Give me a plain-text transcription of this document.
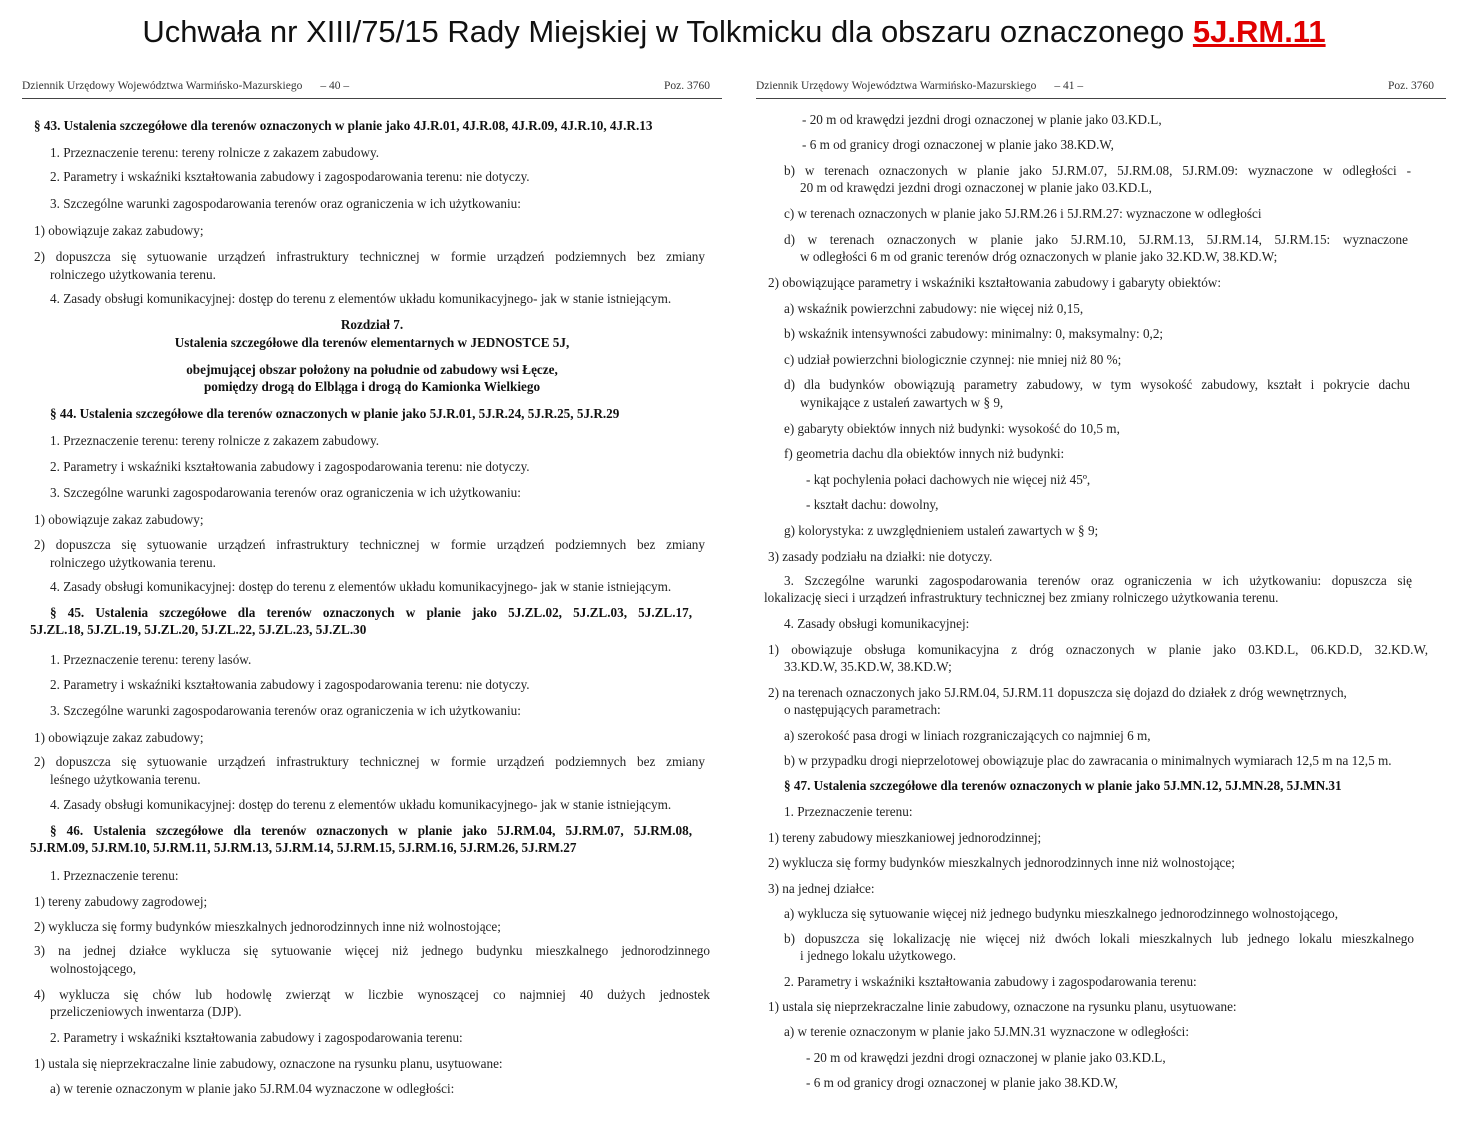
Uchwała nr XIII/75/15 Rady Miejskiej w Tolkmicku dla obszaru oznaczonego 5J.RM.11
Dziennik Urzędowy Województwa Warmińsko-Mazurskiego – 40 –	Poz. 3760
§ 43. Ustalenia szczegółowe dla terenów oznaczonych w planie jako 4J.R.01, 4J.R.08, 4J.R.09, 4J.R.10, 4J.R.13
1. Przeznaczenie terenu: tereny rolnicze z zakazem zabudowy.
2. Parametry i wskaźniki kształtowania zabudowy i zagospodarowania terenu: nie dotyczy.
3. Szczególne warunki zagospodarowania terenów oraz ograniczenia w ich użytkowaniu:
1) obowiązuje zakaz zabudowy;
2) dopuszcza się sytuowanie urządzeń infrastruktury technicznej w formie urządzeń podziemnych bez zmiany
rolniczego użytkowania terenu.
4. Zasady obsługi komunikacyjnej: dostęp do terenu z elementów układu komunikacyjnego- jak w stanie istniejącym.
Rozdział 7.
Ustalenia szczegółowe dla terenów elementarnych w JEDNOSTCE 5J,
obejmującej obszar położony na południe od zabudowy wsi Łęcze,
pomiędzy drogą do Elbląga i drogą do Kamionka Wielkiego
§ 44. Ustalenia szczegółowe dla terenów oznaczonych w planie jako 5J.R.01, 5J.R.24, 5J.R.25, 5J.R.29
1. Przeznaczenie terenu: tereny rolnicze z zakazem zabudowy.
2. Parametry i wskaźniki kształtowania zabudowy i zagospodarowania terenu: nie dotyczy.
3. Szczególne warunki zagospodarowania terenów oraz ograniczenia w ich użytkowaniu:
1) obowiązuje zakaz zabudowy;
2) dopuszcza się sytuowanie urządzeń infrastruktury technicznej w formie urządzeń podziemnych bez zmiany
rolniczego użytkowania terenu.
4. Zasady obsługi komunikacyjnej: dostęp do terenu z elementów układu komunikacyjnego- jak w stanie istniejącym.
§ 45. Ustalenia szczegółowe dla terenów oznaczonych w planie jako 5J.ZL.02, 5J.ZL.03, 5J.ZL.17,
5J.ZL.18, 5J.ZL.19, 5J.ZL.20, 5J.ZL.22, 5J.ZL.23, 5J.ZL.30
1. Przeznaczenie terenu: tereny lasów.
2. Parametry i wskaźniki kształtowania zabudowy i zagospodarowania terenu: nie dotyczy.
3. Szczególne warunki zagospodarowania terenów oraz ograniczenia w ich użytkowaniu:
1) obowiązuje zakaz zabudowy;
2) dopuszcza się sytuowanie urządzeń infrastruktury technicznej w formie urządzeń podziemnych bez zmiany
leśnego użytkowania terenu.
4. Zasady obsługi komunikacyjnej: dostęp do terenu z elementów układu komunikacyjnego- jak w stanie istniejącym.
§ 46. Ustalenia szczegółowe dla terenów oznaczonych w planie jako 5J.RM.04, 5J.RM.07, 5J.RM.08,
5J.RM.09, 5J.RM.10, 5J.RM.11, 5J.RM.13, 5J.RM.14, 5J.RM.15, 5J.RM.16, 5J.RM.26, 5J.RM.27
1. Przeznaczenie terenu:
1) tereny zabudowy zagrodowej;
2) wyklucza się formy budynków mieszkalnych jednorodzinnych inne niż wolnostojące;
3) na jednej działce wyklucza się sytuowanie więcej niż jednego budynku mieszkalnego jednorodzinnego
wolnostojącego,
4) wyklucza się chów lub hodowlę zwierząt w liczbie wynoszącej co najmniej 40 dużych jednostek
przeliczeniowych inwentarza (DJP).
2. Parametry i wskaźniki kształtowania zabudowy i zagospodarowania terenu:
1) ustala się nieprzekraczalne linie zabudowy, oznaczone na rysunku planu, usytuowane:
a) w terenie oznaczonym w planie jako 5J.RM.04 wyznaczone w odległości:
Dziennik Urzędowy Województwa Warmińsko-Mazurskiego – 41 –	Poz. 3760
- 20 m od krawędzi jezdni drogi oznaczonej w planie jako 03.KD.L,
- 6 m od granicy drogi oznaczonej w planie jako 38.KD.W,
b) w terenach oznaczonych w planie jako 5J.RM.07, 5J.RM.08, 5J.RM.09: wyznaczone w odległości -
20 m od krawędzi jezdni drogi oznaczonej w planie jako 03.KD.L,
c) w terenach oznaczonych w planie jako 5J.RM.26 i 5J.RM.27: wyznaczone w odległości
d) w terenach oznaczonych w planie jako 5J.RM.10, 5J.RM.13, 5J.RM.14, 5J.RM.15: wyznaczone
w odległości 6 m od granic terenów dróg oznaczonych w planie jako 32.KD.W, 38.KD.W;
2) obowiązujące parametry i wskaźniki kształtowania zabudowy i gabaryty obiektów:
a) wskaźnik powierzchni zabudowy: nie więcej niż 0,15,
b) wskaźnik intensywności zabudowy: minimalny: 0, maksymalny: 0,2;
c) udział powierzchni biologicznie czynnej: nie mniej niż 80 %;
d) dla budynków obowiązują parametry zabudowy, w tym wysokość zabudowy, kształt i pokrycie dachu
wynikające z ustaleń zawartych w § 9,
e) gabaryty obiektów innych niż budynki: wysokość do 10,5 m,
f) geometria dachu dla obiektów innych niż budynki:
- kąt pochylenia połaci dachowych nie więcej niż 45º,
- kształt dachu: dowolny,
g) kolorystyka: z uwzględnieniem ustaleń zawartych w § 9;
3) zasady podziału na działki: nie dotyczy.
3. Szczególne warunki zagospodarowania terenów oraz ograniczenia w ich użytkowaniu: dopuszcza się
lokalizację sieci i urządzeń infrastruktury technicznej bez zmiany rolniczego użytkowania terenu.
4. Zasady obsługi komunikacyjnej:
1) obowiązuje obsługa komunikacyjna z dróg oznaczonych w planie jako 03.KD.L, 06.KD.D, 32.KD.W,
33.KD.W, 35.KD.W, 38.KD.W;
2) na terenach oznaczonych jako 5J.RM.04, 5J.RM.11 dopuszcza się dojazd do działek z dróg wewnętrznych,
o następujących parametrach:
a) szerokość pasa drogi w liniach rozgraniczających co najmniej 6 m,
b) w przypadku drogi nieprzelotowej obowiązuje plac do zawracania o minimalnych wymiarach 12,5 m na 12,5 m.
§ 47. Ustalenia szczegółowe dla terenów oznaczonych w planie jako 5J.MN.12, 5J.MN.28, 5J.MN.31
1. Przeznaczenie terenu:
1) tereny zabudowy mieszkaniowej jednorodzinnej;
2) wyklucza się formy budynków mieszkalnych jednorodzinnych inne niż wolnostojące;
3) na jednej działce:
a) wyklucza się sytuowanie więcej niż jednego budynku mieszkalnego jednorodzinnego wolnostojącego,
b) dopuszcza się lokalizację nie więcej niż dwóch lokali mieszkalnych lub jednego lokalu mieszkalnego
i jednego lokalu użytkowego.
2. Parametry i wskaźniki kształtowania zabudowy i zagospodarowania terenu:
1) ustala się nieprzekraczalne linie zabudowy, oznaczone na rysunku planu, usytuowane:
a) w terenie oznaczonym w planie jako 5J.MN.31 wyznaczone w odległości:
- 20 m od krawędzi jezdni drogi oznaczonej w planie jako 03.KD.L,
- 6 m od granicy drogi oznaczonej w planie jako 38.KD.W,
